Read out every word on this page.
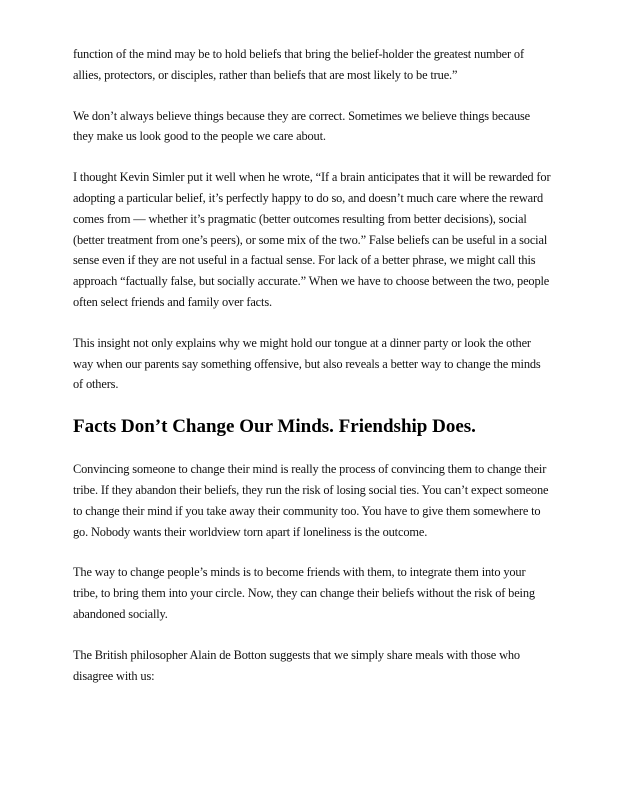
function of the mind may be to hold beliefs that bring the belief-holder the greatest number of allies, protectors, or disciples, rather than beliefs that are most likely to be true.”

We don’t always believe things because they are correct. Sometimes we believe things because they make us look good to the people we care about.

I thought Kevin Simler put it well when he wrote, “If a brain anticipates that it will be rewarded for adopting a particular belief, it’s perfectly happy to do so, and doesn’t much care where the reward comes from — whether it’s pragmatic (better outcomes resulting from better decisions), social (better treatment from one’s peers), or some mix of the two.” False beliefs can be useful in a social sense even if they are not useful in a factual sense. For lack of a better phrase, we might call this approach “factually false, but socially accurate.” When we have to choose between the two, people often select friends and family over facts.

This insight not only explains why we might hold our tongue at a dinner party or look the other way when our parents say something offensive, but also reveals a better way to change the minds of others.

Facts Don’t Change Our Minds. Friendship Does.

Convincing someone to change their mind is really the process of convincing them to change their tribe. If they abandon their beliefs, they run the risk of losing social ties. You can’t expect someone to change their mind if you take away their community too. You have to give them somewhere to go. Nobody wants their worldview torn apart if loneliness is the outcome.

The way to change people’s minds is to become friends with them, to integrate them into your tribe, to bring them into your circle. Now, they can change their beliefs without the risk of being abandoned socially.

The British philosopher Alain de Botton suggests that we simply share meals with those who disagree with us:
